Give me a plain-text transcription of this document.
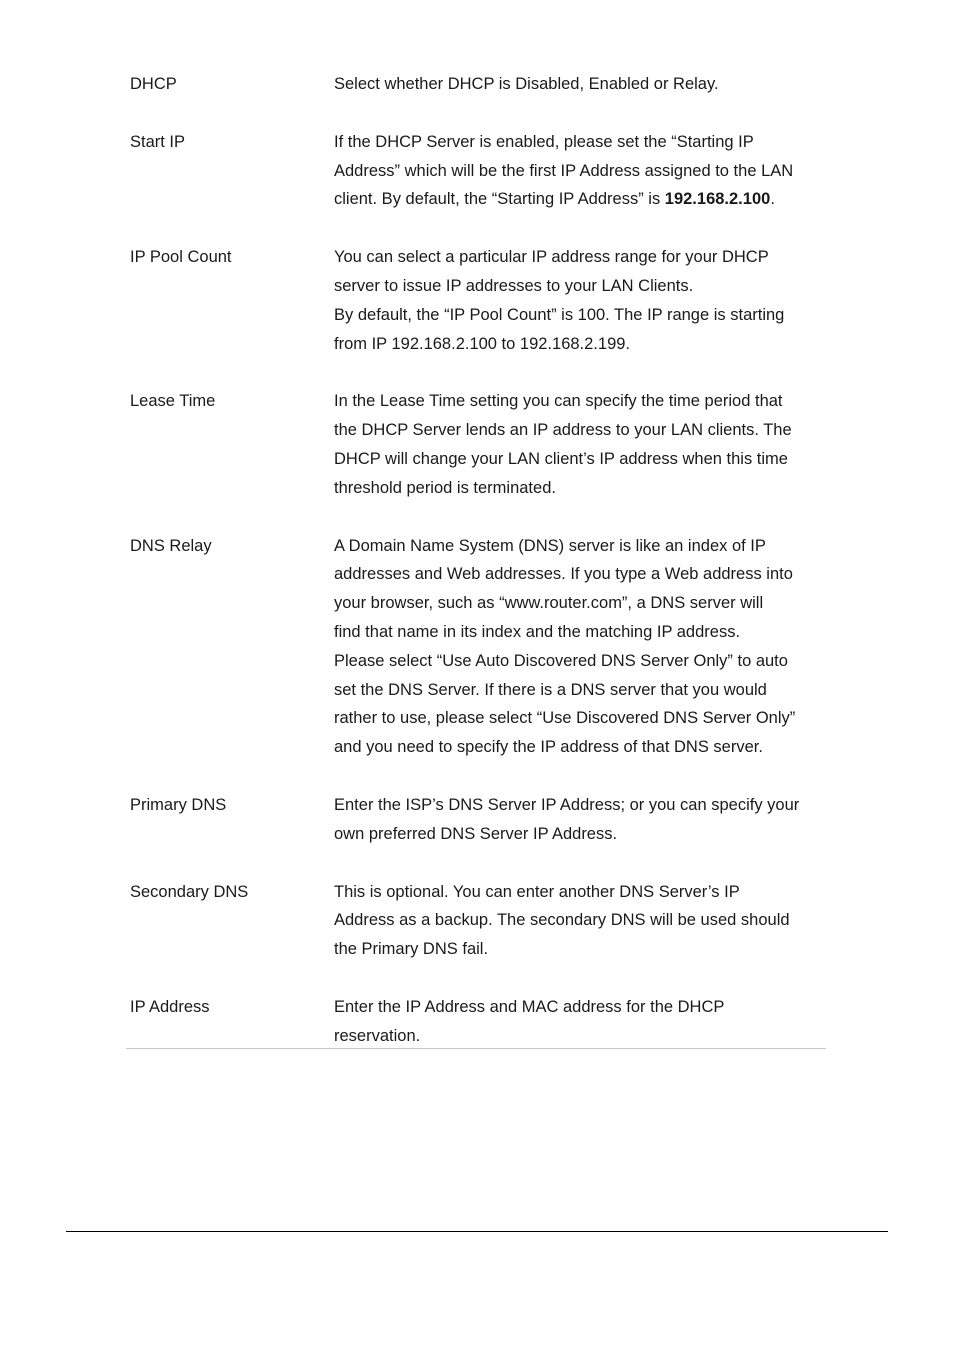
DHCP	Select whether DHCP is Disabled, Enabled or Relay.
Start IP	If the DHCP Server is enabled, please set the “Starting IP
Address” which will be the first IP Address assigned to the LAN
client. By default, the “Starting IP Address” is 192.168.2.100.
IP Pool Count	You can select a particular IP address range for your DHCP
server to issue IP addresses to your LAN Clients.
By default, the “IP Pool Count” is 100. The IP range is starting
from IP 192.168.2.100 to 192.168.2.199.
Lease Time	In the Lease Time setting you can specify the time period that
the DHCP Server lends an IP address to your LAN clients. The
DHCP will change your LAN client’s IP address when this time
threshold period is terminated.
DNS Relay	A Domain Name System (DNS) server is like an index of IP
addresses and Web addresses. If you type a Web address into
your browser, such as “www.router.com”, a DNS server will
find that name in its index and the matching IP address.
Please select “Use Auto Discovered DNS Server Only” to auto
set the DNS Server. If there is a DNS server that you would
rather to use, please select “Use Discovered DNS Server Only”
and you need to specify the IP address of that DNS server.
Primary DNS	Enter the ISP’s DNS Server IP Address; or you can specify your
own preferred DNS Server IP Address.
Secondary DNS	This is optional. You can enter another DNS Server’s IP
Address as a backup. The secondary DNS will be used should
the Primary DNS fail.
IP Address	Enter the IP Address and MAC address for the DHCP
reservation.
